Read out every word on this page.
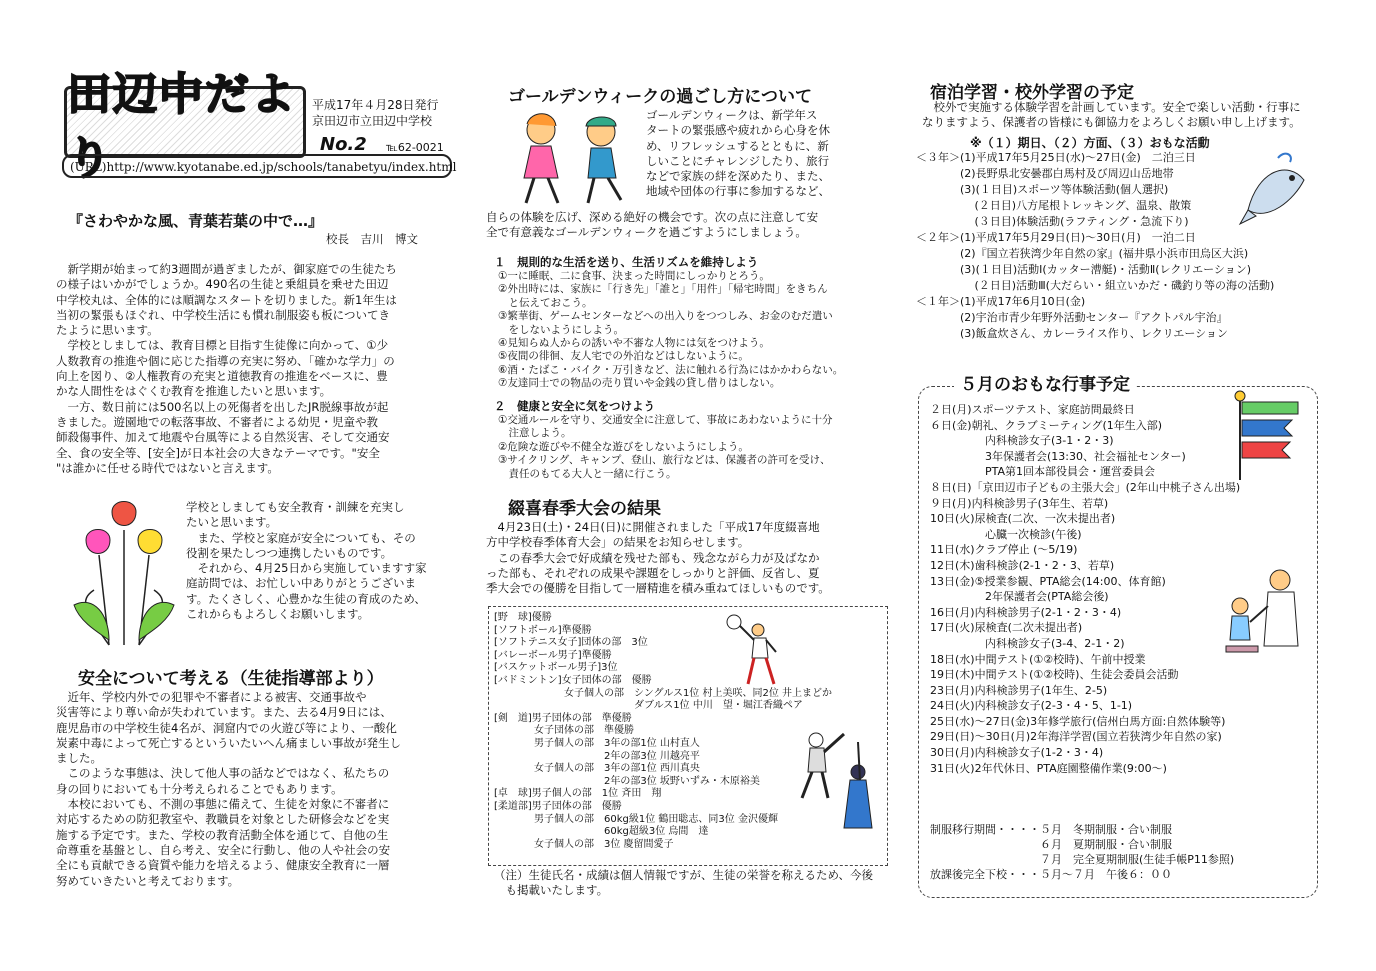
田辺中だより
平成17年４月28日発行
京田辺市立田辺中学校
No.2 ℡62-0021
(URL)http://www.kyotanabe.ed.jp/schools/tanabetyu/index.html
『さわやかな風、青葉若葉の中で…』
校長　吉川　博文
　新学期が始まって約3週間が過ぎましたが、御家庭での生徒たち
の様子はいかがでしょうか。490名の生徒と乗組員を乗せた田辺
中学校丸は、全体的には順調なスタートを切りました。新1年生は
当初の緊張もほぐれ、中学校生活にも慣れ制服姿も板についてき
たように思います。
　学校としましては、教育目標と目指す生徒像に向かって、①少
人数教育の推進や個に応じた指導の充実に努め、「確かな学力」の
向上を図り、②人権教育の充実と道徳教育の推進をベースに、豊
かな人間性をはぐくむ教育を推進したいと思います。
　一方、数日前には500名以上の死傷者を出したJR脱線事故が起
きました。遊園地での転落事故、不審者による幼児・児童や教
師殺傷事件、加えて地震や台風等による自然災害、そして交通安
全、食の安全等、[安全]が日本社会の大きなテーマです。"安全
"は誰かに任せる時代ではないと言えます。
学校としましても安全教育・訓練を充実し
たいと思います。
　また、学校と家庭が安全についても、その
役割を果たしつつ連携したいものです。
　それから、4月25日から実施していますす家
庭訪問では、お忙しい中ありがとうございま
す。たくさしく、心豊かな生徒の育成のため、
これからもよろしくお願いします。
安全について考える（生徒指導部より）
　近年、学校内外での犯罪や不審者による被害、交通事故や
災害等により尊い命が失われています。また、去る4月9日には、
鹿児島市の中学校生徒4名が、洞窟内での火遊び等により、一酸化
炭素中毒によって死亡するといういたいへん痛ましい事故が発生し
ました。
　このような事態は、決して他人事の話などではなく、私たちの
身の回りにおいても十分考えられることでもあります。
　本校においても、不測の事態に備えて、生徒を対象に不審者に
対応するための防犯教室や、教職員を対象とした研修会などを実
施する予定です。また、学校の教育活動全体を通じて、自他の生
命尊重を基盤とし、自ら考え、安全に行動し、他の人や社会の安
全にも貢献できる資質や能力を培えるよう、健康安全教育に一層
努めていきたいと考えております。
ゴールデンウィークの過ごし方について
ゴールデンウィークは、新学年ス
タートの緊張感や疲れから心身を休
め、リフレッシュするとともに、新
しいことにチャレンジしたり、旅行
などで家族の絆を深めたり、また、
地域や団体の行事に参加するなど、
自らの体験を広げ、深める絶好の機会です。次の点に注意して安
全で有意義なゴールデンウィークを過ごすようにしましょう。
１　規則的な生活を送り、生活リズムを維持しよう
①一に睡眠、二に食事、決まった時間にしっかりとろう。
②外出時には、家族に「行き先」「誰と」「用件」「帰宅時間」をきちん
　と伝えておこう。
③繁華街、ゲームセンターなどへの出入りをつつしみ、お金のむだ遣い
　をしないようにしよう。
④見知らぬ人からの誘いや不審な人物には気をつけよう。
⑤夜間の徘徊、友人宅での外泊などはしないように。
⑥酒・たばこ・バイク・万引きなど、法に触れる行為にはかかわらない。
⑦友達同士での物品の売り買いや金銭の貸し借りはしない。
２　健康と安全に気をつけよう
①交通ルールを守り、交通安全に注意して、事故にあわないように十分
　注意しよう。
②危険な遊びや不健全な遊びをしないようにしよう。
③サイクリング、キャンプ、登山、旅行などは、保護者の許可を受け、
　責任のもてる大人と一緒に行こう。
綴喜春季大会の結果
　4月23日(土)・24日(日)に開催されました「平成17年度綴喜地
方中学校春季体育大会」の結果をお知らせします。
　この春季大会で好成績を残せた部も、残念ながら力が及ばなか
った部も、それぞれの成果や課題をしっかりと評価、反省し、夏
季大会での優勝を目指して一層精進を積み重ねてほしいものです。
[野　球]優勝
[ソフトボール]準優勝
[ソフトテニス女子]団体の部　3位
[バレーボール男子]準優勝
[バスケットボール男子]3位
[バドミントン]女子団体の部　優勝
　　　　　　　女子個人の部　シングルス1位 村上美咲、同2位 井上まどか
　　　　　　　　　　　　　　ダブルス1位 中川　望・堀江香織ペア
[剣　道]男子団体の部　準優勝
　　　　女子団体の部　準優勝
　　　　男子個人の部　3年の部1位 山村直人
　　　　　　　　　　　2年の部3位 川越亮平
　　　　女子個人の部　3年の部1位 西川真央
　　　　　　　　　　　2年の部3位 坂野いずみ・木原裕美
[卓　球]男子個人の部　1位 斉田　翔
[柔道部]男子団体の部　優勝
　　　　男子個人の部　60kg級1位 鶴田聡志、同3位 金沢優輝
　　　　　　　　　　　60kg超級3位 烏間　達
　　　　女子個人の部　3位 慶留間愛子
（注）生徒氏名・成績は個人情報ですが、生徒の栄誉を称えるため、今後
　も掲載いたします。
宿泊学習・校外学習の予定
　校外で実施する体験学習を計画しています。安全で楽しい活動・行事に
なりますよう、保護者の皆様にも御協力をよろしくお願い申し上げます。
※（１）期日、（２）方面、（３）おもな活動
＜３年＞(1)平成17年5月25日(水)～27日(金)　二泊三日
　　　　(2)長野県北安曇郡白馬村及び周辺山岳地帯
　　　　(3)(１日目)スポーツ等体験活動(個人選択)
　　　　　 (２日目)八方尾根トレッキング、温泉、散策
　　　　　 (３日目)体験活動(ラフティング・急流下り)
＜２年＞(1)平成17年5月29日(日)～30日(月)　一泊二日
　　　　(2)『国立若狭湾少年自然の家』(福井県小浜市田烏区大浜)
　　　　(3)(１日目)活動Ⅰ(カッター漕艇)・活動Ⅱ(レクリエーション)
　　　　　 (２日目)活動Ⅲ(大だらい・組立いかだ・磯釣り等の海の活動)
＜１年＞(1)平成17年6月10日(金)
　　　　(2)宇治市青少年野外活動センター『アクトパル宇治』
　　　　(3)飯盒炊さん、カレーライス作り、レクリエーション
５月のおもな行事予定
２日(月)スポーツテスト、家庭訪問最終日
６日(金)朝礼、クラブミーティング(1年生入部)
　　　　　内科検診女子(3-1・2・3)
　　　　　3年保護者会(13:30、社会福祉センター)
　　　　　PTA第1回本部役員会・運営委員会
８日(日)「京田辺市子どもの主張大会」(2年山中桃子さん出場)
９日(月)内科検診男子(3年生、若草)
10日(火)尿検査(二次、一次未提出者)
　　　　　心臓一次検診(午後)
11日(水)クラブ停止 (～5/19)
12日(木)歯科検診(2-1・2・3、若草)
13日(金)⑤授業参観、PTA総会(14:00、体育館)
　　　　　2年保護者会(PTA総会後)
16日(月)内科検診男子(2-1・2・3・4)
17日(火)尿検査(二次未提出者)
　　　　　内科検診女子(3-4、2-1・2)
18日(水)中間テスト(①②校時)、午前中授業
19日(木)中間テスト(①②校時)、生徒会委員会活動
23日(月)内科検診男子(1年生、2-5)
24日(火)内科検診女子(2-3・4・5、1-1)
25日(水)～27日(金)3年修学旅行(信州白馬方面:自然体験等)
29日(日)～30日(月)2年海洋学習(国立若狭湾少年自然の家)
30日(月)内科検診女子(1-2・3・4)
31日(火)2年代休日、PTA庭園整備作業(9:00～)
制服移行期間・・・・５月　冬期制服・合い制服
　　　　　　　　　　６月　夏期制服・合い制服
　　　　　　　　　　７月　完全夏期制服(生徒手帳P11参照)
放課後完全下校・・・５月～７月　午後６：００
